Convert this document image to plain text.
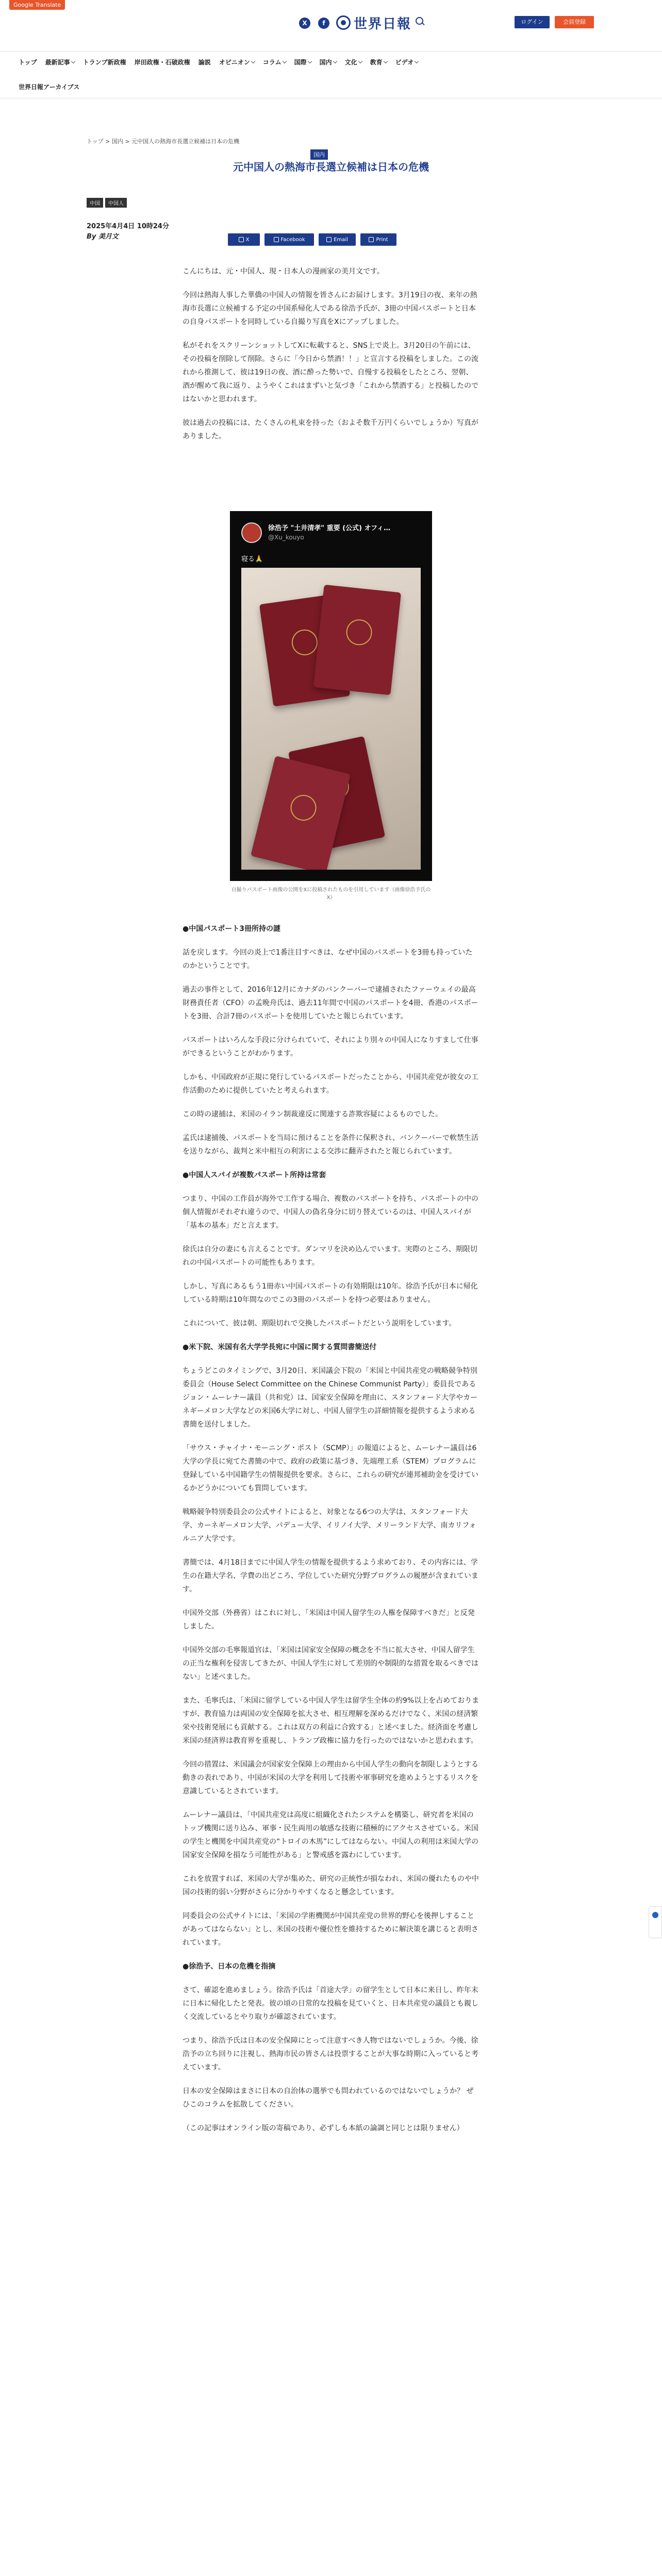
Google Translate
X	f	世界日報	ログイン	会員登録
トップ 最新記事 トランプ新政権 岸田政権・石破政権 論説 オピニオン コラム 国際 国内 文化 教育 ビデオ
世界日報アーカイブス
トップ > 国内 > 元中国人の熱海市長選立候補は日本の危機
国内
元中国人の熱海市長選立候補は日本の危機
中国	中国人
2025年4月4日 10時24分
By 美月文	X	Facebook	Email	Print

こんにちは、元・中国人、現・日本人の漫画家の美月文です。

今回は熱海人事した華僑の中国人の情報を皆さんにお届けします。3月19日の夜、来年の熱海市長選に立候補する予定の中国系帰化人である徐浩予氏が、3冊の中国パスポートと日本の自身パスポートを同時している自撮り写真をXにアップしました。

私がそれをスクリーンショットしてXに転載すると、SNS上で炎上。3月20日の午前には、その投稿を削除して削除。さらに「今日から禁酒！！」と宣言する投稿をしました。この流れから推測して、彼は19日の夜、酒に酔った勢いで、自慢する投稿をしたところ、翌朝、酒が醒めて我に返り、ようやくこれはまずいと気づき「これから禁酒する」と投稿したのではないかと思われます。

彼は過去の投稿には、たくさんの札束を持った（およそ数千万円くらいでしょうか）写真がありました。

徐浩予 "土井清孝" 重要 (公式) オフィ…
@Xu_kouyo
寝る🙏
自撮りパスポート画像の公開をXに投稿されたものを引用しています（画像徐浩予氏のX）

●中国パスポート3冊所持の謎

話を戻します。今回の炎上で1番注目すべきは、なぜ中国のパスポートを3冊も持っていたのかということです。

過去の事件として、2016年12月にカナダのバンクーバーで逮捕されたファーウェイの最高財務責任者（CFO）の孟晩舟氏は、過去11年間で中国のパスポートを4冊、香港のパスポートを3冊、合計7冊のパスポートを使用していたと報じられています。

パスポートはいろんな手段に分けられていて、それにより別々の中国人になりすまして仕事ができるということがわかります。

しかも、中国政府が正規に発行しているパスポートだったことから、中国共産党が彼女の工作活動のために提供していたと考えられます。

この時の逮捕は、米国のイラン制裁違反に関連する詐欺容疑によるものでした。

孟氏は逮捕後、パスポートを当局に預けることを条件に保釈され、バンクーバーで軟禁生活を送りながら、裁判と米中相互の利害による交渉に翻弄されたと報じられています。

●中国人スパイが複数パスポート所持は常套

つまり、中国の工作員が海外で工作する場合、複数のパスポートを持ち、パスポートの中の個人情報がそれぞれ違うので、中国人の偽名身分に切り替えているのは、中国人スパイが「基本の基本」だと言えます。

徐氏は自分の妻にも言えることです。ダンマリを決め込んでいます。実際のところ、期限切れの中国パスポートの可能性もあります。

しかし、写真にあるもう1冊赤い中国パスポートの有効期限は10年。徐浩予氏が日本に帰化している時期は10年間なのでこの3冊のパスポートを持つ必要はありません。

これについて、彼は朝、期限切れで交換したパスポートだという説明をしています。

●米下院、米国有名大学学長宛に中国に関する質問書簡送付

ちょうどこのタイミングで、3月20日、米国議会下院の「米国と中国共産党の戦略競争特別委員会（House Select Committee on the Chinese Communist Party）」委員長であるジョン・ムーレナー議員（共和党）は、国家安全保障を理由に、スタンフォード大学やカーネギーメロン大学などの米国6大学に対し、中国人留学生の詳細情報を提供するよう求める書簡を送付しました。

「サウス・チャイナ・モーニング・ポスト（SCMP）」の報道によると、ムーレナー議員は6大学の学長に宛てた書簡の中で、政府の政策に基づき、先端理工系（STEM）プログラムに登録している中国籍学生の情報提供を要求。さらに、これらの研究が連邦補助金を受けているかどうかについても質問しています。

戦略競争特別委員会の公式サイトによると、対象となる6つの大学は、スタンフォード大学、カーネギーメロン大学、パデュー大学、イリノイ大学、メリーランド大学、南カリフォルニア大学です。

書簡では、4月18日までに中国人学生の情報を提供するよう求めており、その内容には、学生の在籍大学名、学費の出どころ、学位していた研究分野プログラムの履歴が含まれています。

中国外交部（外務省）はこれに対し、「米国は中国人留学生の人権を保障すべきだ」と反発しました。

中国外交部の毛寧報道官は、「米国は国家安全保障の概念を不当に拡大させ、中国人留学生の正当な権利を侵害してきたが、中国人学生に対して差別的や制限的な措置を取るべきではない」と述べました。

また、毛寧氏は、「米国に留学している中国人学生は留学生全体の約9%以上を占めておりますが、教育協力は両国の安全保障を拡大させ、相互理解を深めるだけでなく、米国の経済繁栄や技術発展にも貢献する。これは双方の利益に合致する」と述べました。経済面を考慮し米国の経済界は教育界を重視し、トランプ政権に協力を行ったのではないかと思われます。

今回の措置は、米国議会が国家安全保障上の理由から中国人学生の動向を制限しようとする動きの表れであり、中国が米国の大学を利用して技術や軍事研究を進めようとするリスクを意識しているとされています。

ムーレナー議員は、「中国共産党は高度に組織化されたシステムを構築し、研究者を米国のトップ機関に送り込み、軍事・民生両用の敏感な技術に積極的にアクセスさせている。米国の学生と機関を中国共産党の“トロイの木馬”にしてはならない。中国人の利用は米国大学の国家安全保障を損なう可能性がある」と警戒感を露わにしています。

これを放置すれば、米国の大学が集めた、研究の正統性が損なわれ、米国の優れたものや中国の技術的弱い分野がさらに分かりやすくなると懸念しています。

同委員会の公式サイトには、「米国の学術機関が中国共産党の世界的野心を後押しすることがあってはならない」とし、米国の技術や優位性を維持するために解決策を講じると表明されています。

●徐浩予、日本の危機を指摘

さて、確認を進めましょう。徐浩予氏は「首途大学」の留学生として日本に来日し、昨年末に日本に帰化したと発表。彼の頃の日常的な投稿を見ていくと、日本共産党の議員とも親しく交流しているとやり取りが確認されています。

つまり、徐浩予氏は日本の安全保障にとって注意すべき人物ではないでしょうか。今後、徐浩予の立ち回りに注視し、熱海市民の皆さんは投票することが大事な時期に入っていると考えています。

日本の安全保障はまさに日本の自治体の選挙でも問われているのではないでしょうか？ ぜひこのコラムを拡散してください。

（この記事はオンライン版の寄稿であり、必ずしも本紙の論調と同じとは限りません）
